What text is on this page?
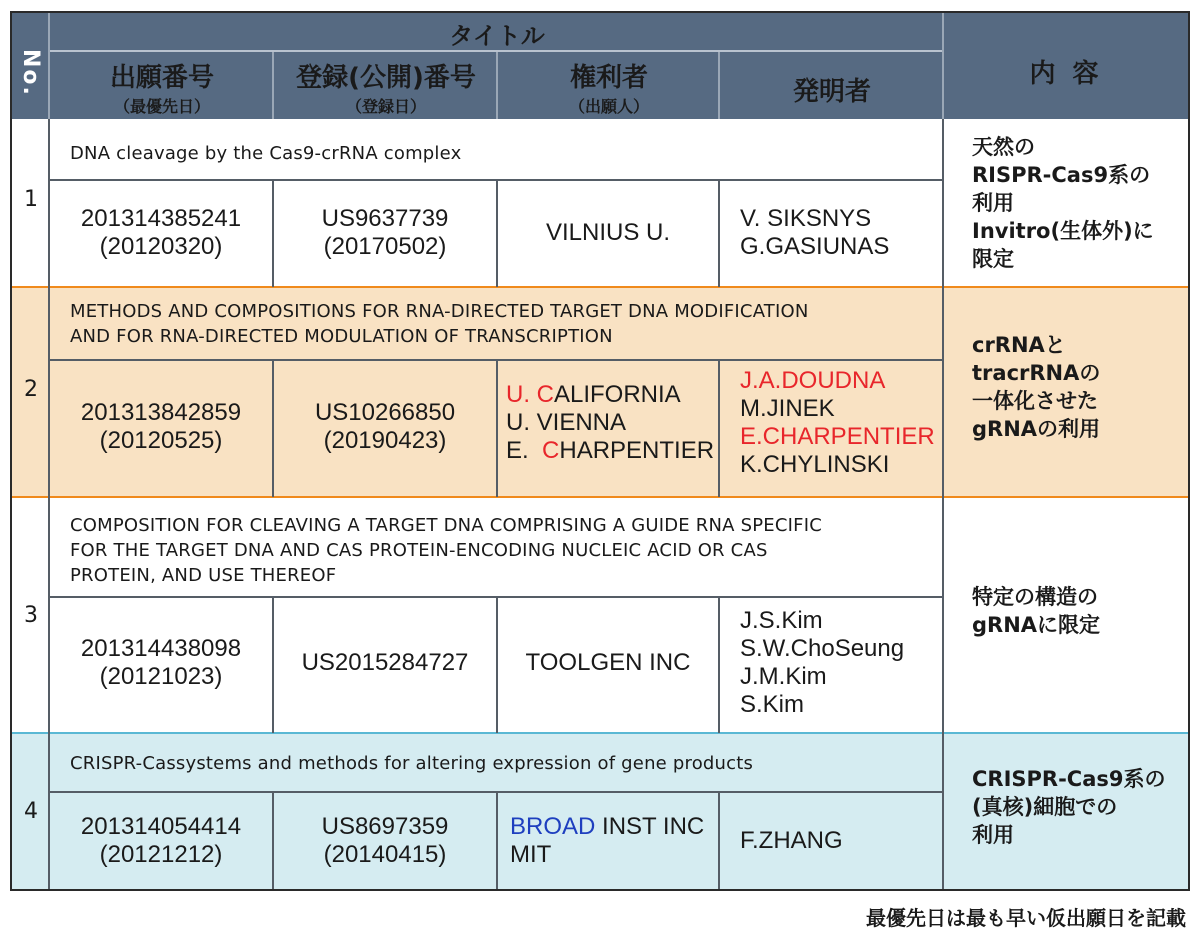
No.
タイトル
出願番号
（最優先日）
登録(公開)番号
（登録日）
権利者
（出願人）	発明者
内 容
1
DNA cleavage by the Cas9-crRNA complex
201314385241
(20120320)
US9637739
(20170502)
VILNIUS U.
V. SIKSNYS
G.GASIUNAS
天然の
RISPR-Cas9系の
利用
Invitro(生体外)に
限定
2
METHODS AND COMPOSITIONS FOR RNA-DIRECTED TARGET DNA MODIFICATION
AND FOR RNA-DIRECTED MODULATION OF TRANSCRIPTION
201313842859
(20120525)
US10266850
(20190423)
U. CALIFORNIA
U. VIENNA
E.  CHARPENTIER
J.A.DOUDNA
M.JINEK
E.CHARPENTIER
K.CHYLINSKI
crRNAと
tracrRNAの
一体化させた
gRNAの利用
3
COMPOSITION FOR CLEAVING A TARGET DNA COMPRISING A GUIDE RNA SPECIFIC
FOR THE TARGET DNA AND CAS PROTEIN-ENCODING NUCLEIC ACID OR CAS
PROTEIN, AND USE THEREOF
201314438098
(20121023)
US2015284727	TOOLGEN INC
J.S.Kim
S.W.ChoSeung
J.M.Kim
S.Kim
特定の構造の
gRNAに限定
4
CRISPR-Cassystems and methods for altering expression of gene products
201314054414
(20121212)
US8697359
(20140415)
BROAD INST INC
MIT
F.ZHANG
CRISPR-Cas9系の
(真核)細胞での
利用
最優先日は最も早い仮出願日を記載
